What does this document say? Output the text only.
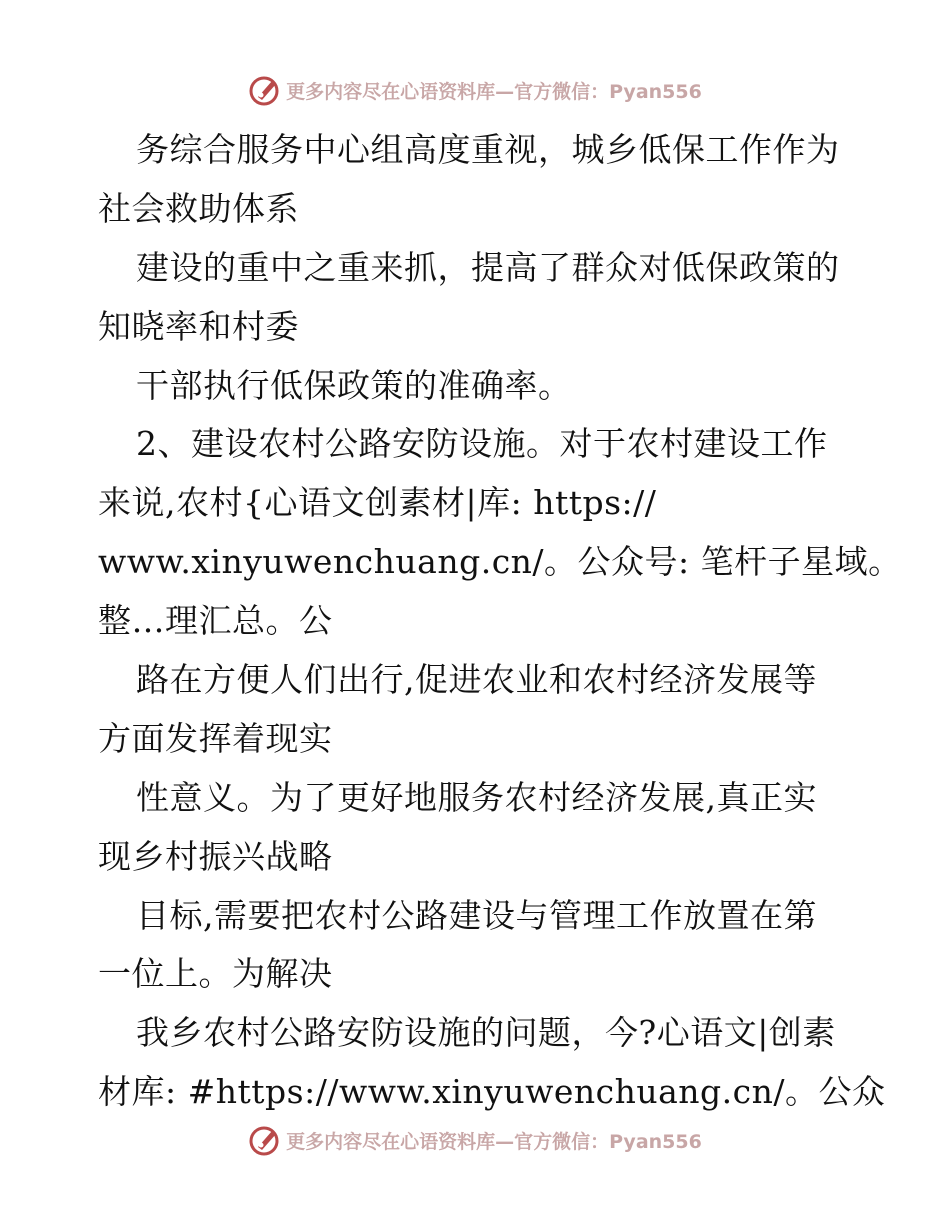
更多内容尽在心语资料库—官方微信：Pyan556
务综合服务中心组高度重视，城乡低保工作作为
社会救助体系
建设的重中之重来抓，提高了群众对低保政策的
知晓率和村委
干部执行低保政策的准确率。
2、建设农村公路安防设施。对于农村建设工作
来说,农村{心语文创素材|库: https://
www.xinyuwenchuang.cn/。公众号: 笔杆子星域。
整…理汇总。公
路在方便人们出行,促进农业和农村经济发展等
方面发挥着现实
性意义。为了更好地服务农村经济发展,真正实
现乡村振兴战略
目标,需要把农村公路建设与管理工作放置在第
一位上。为解决
我乡农村公路安防设施的问题，今?心语文|创素
材库: #https://www.xinyuwenchuang.cn/。公众
更多内容尽在心语资料库—官方微信：Pyan556
